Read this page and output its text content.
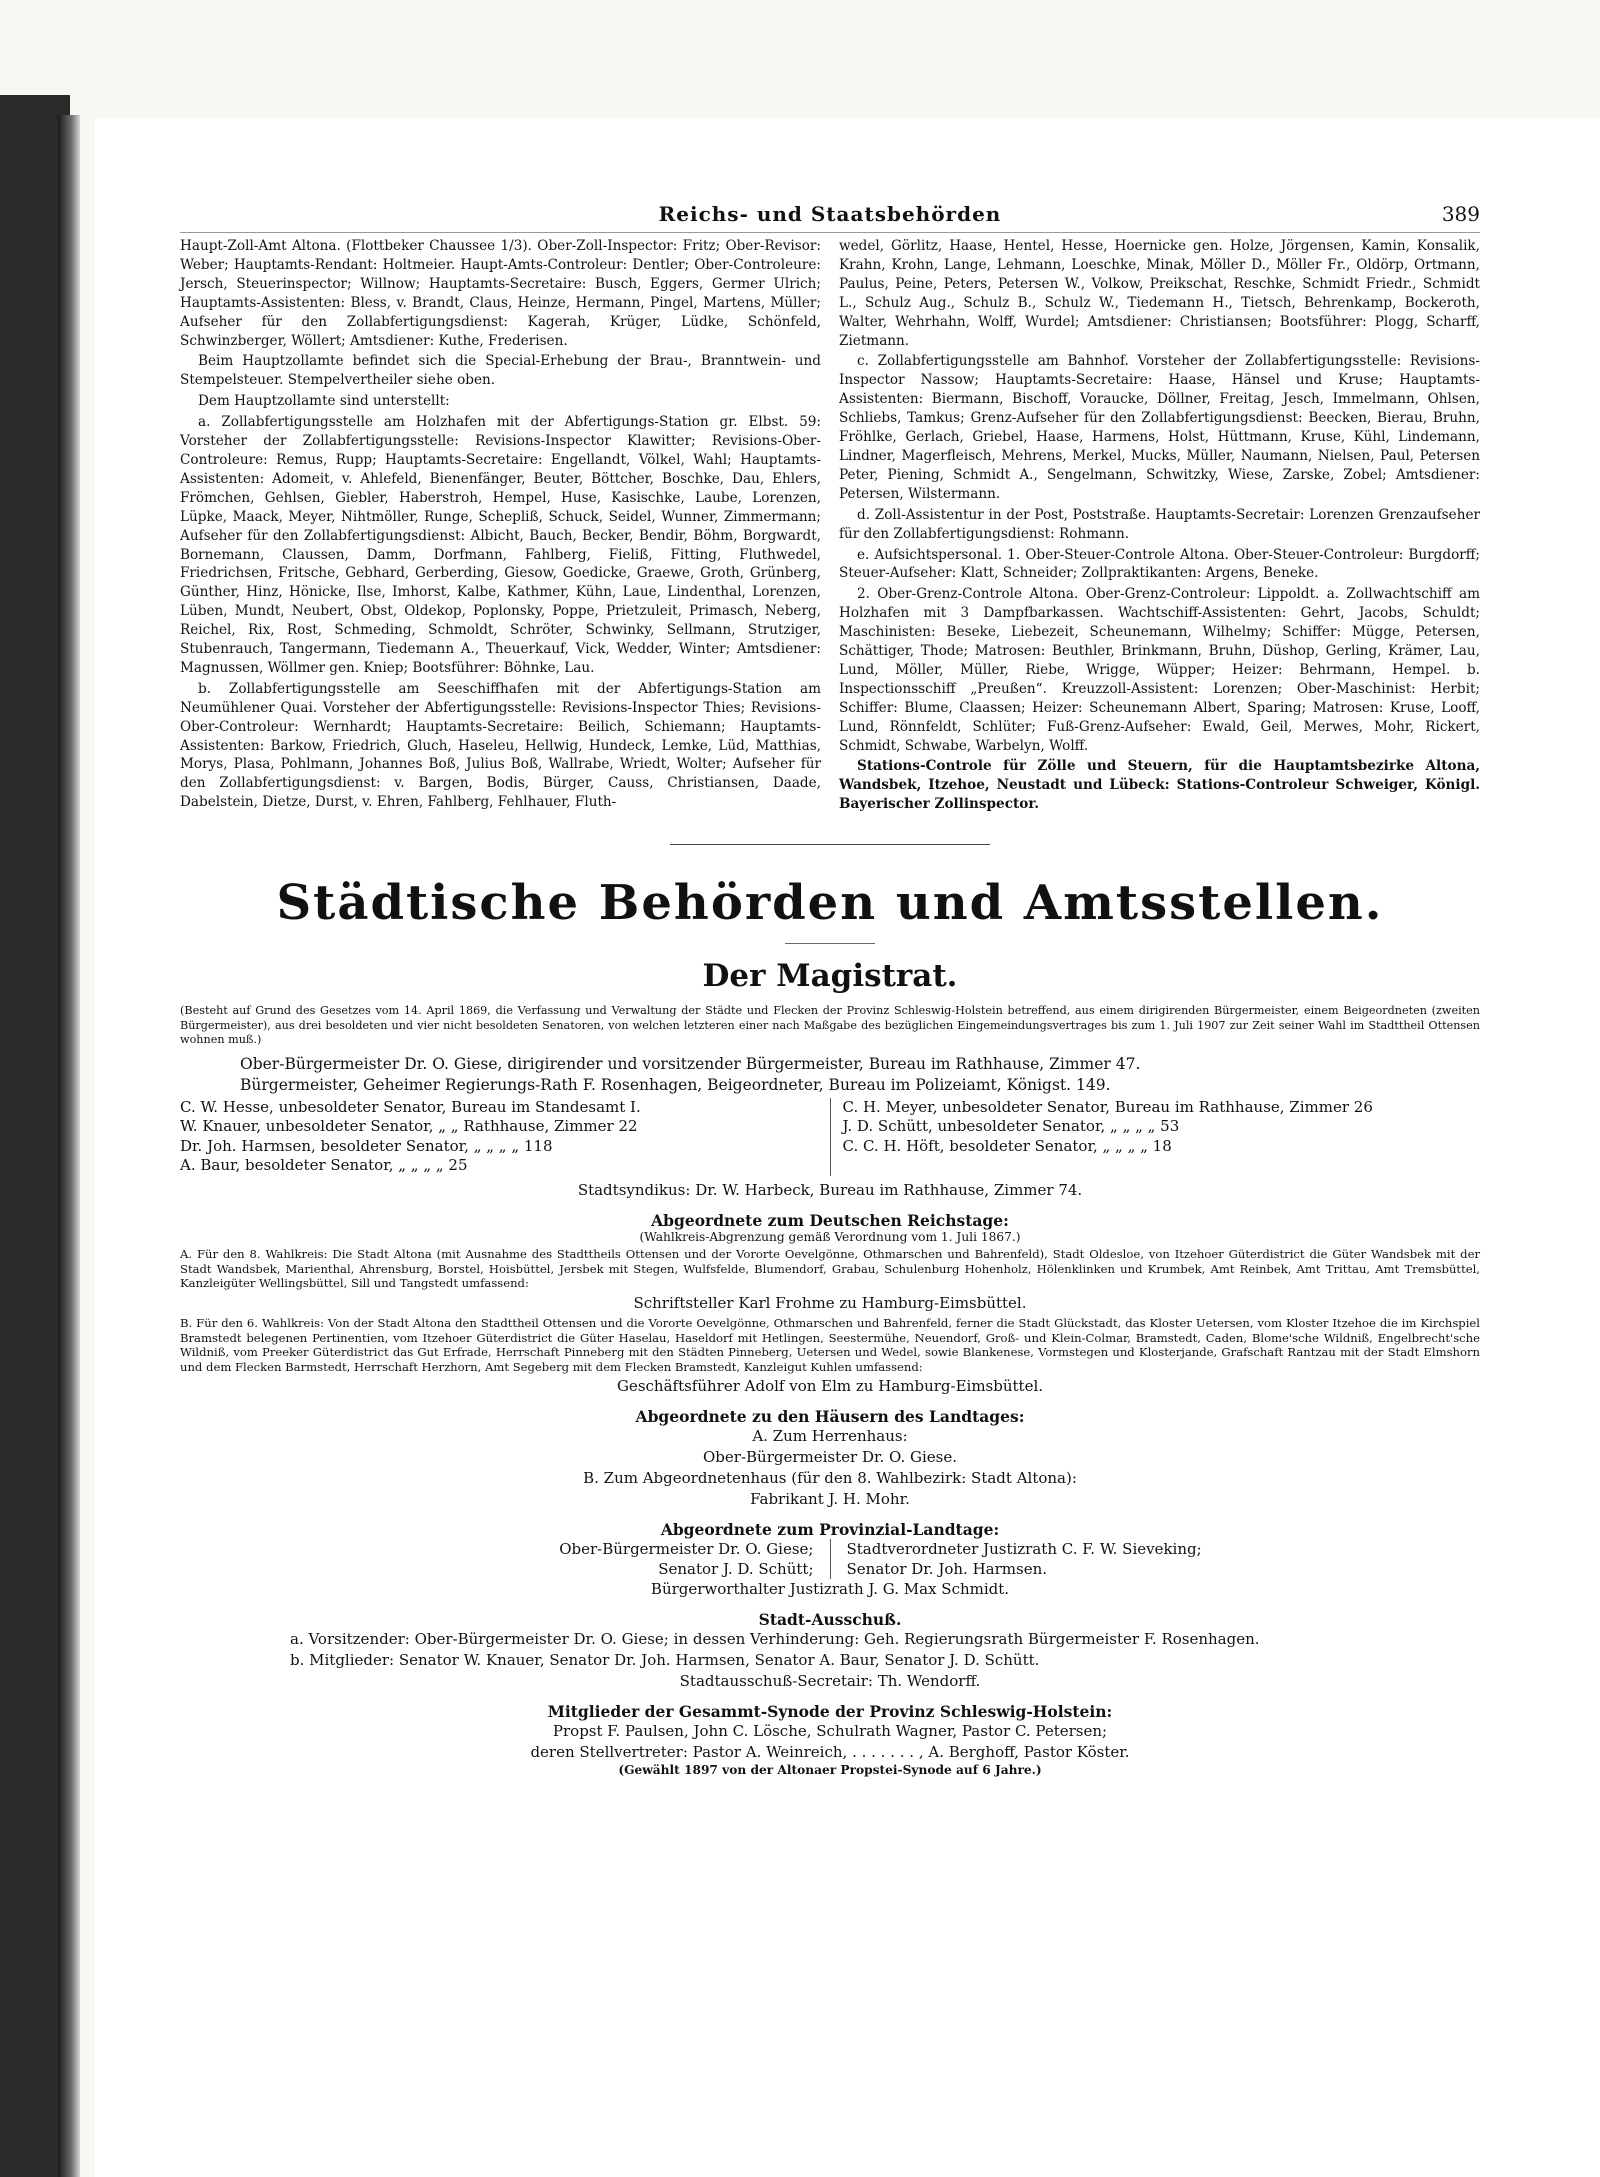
Reichs- und Staatsbehörden	389

Haupt-Zoll-Amt Altona. (Flottbeker Chaussee 1/3). Ober-Zoll-Inspector: Fritz; Ober-Revisor: Weber; Hauptamts-Rendant: Holtmeier. Haupt-Amts-Controleur: Dentler; Ober-Controleure: Jersch, Steuerinspector; Willnow; Hauptamts-Secretaire: Busch, Eggers, Germer Ulrich; Hauptamts-Assistenten: Bless, v. Brandt, Claus, Heinze, Hermann, Pingel, Martens, Müller; Aufseher für den Zollabfertigungsdienst: Kagerah, Krüger, Lüdke, Schönfeld, Schwinzberger, Wöllert; Amtsdiener: Kuthe, Frederisen.

Beim Hauptzollamte befindet sich die Special-Erhebung der Brau-, Branntwein- und Stempelsteuer. Stempelvertheiler siehe oben.

Dem Hauptzollamte sind unterstellt:

a. Zollabfertigungsstelle am Holzhafen mit der Abfertigungs-Station gr. Elbst. 59: Vorsteher der Zollabfertigungsstelle: Revisions-Inspector Klawitter; Revisions-Ober-Controleure: Remus, Rupp; Hauptamts-Secretaire: Engellandt, Völkel, Wahl; Hauptamts-Assistenten: Adomeit, v. Ahlefeld, Bienenfänger, Beuter, Böttcher, Boschke, Dau, Ehlers, Frömchen, Gehlsen, Giebler, Haberstroh, Hempel, Huse, Kasischke, Laube, Lorenzen, Lüpke, Maack, Meyer, Nihtmöller, Runge, Schepliß, Schuck, Seidel, Wunner, Zimmermann; Aufseher für den Zollabfertigungsdienst: Albicht, Bauch, Becker, Bendir, Böhm, Borgwardt, Bornemann, Claussen, Damm, Dorfmann, Fahlberg, Fieliß, Fitting, Fluthwedel, Friedrichsen, Fritsche, Gebhard, Gerberding, Giesow, Goedicke, Graewe, Groth, Grünberg, Günther, Hinz, Hönicke, Ilse, Imhorst, Kalbe, Kathmer, Kühn, Laue, Lindenthal, Lorenzen, Lüben, Mundt, Neubert, Obst, Oldekop, Poplonsky, Poppe, Prietzuleit, Primasch, Neberg, Reichel, Rix, Rost, Schmeding, Schmoldt, Schröter, Schwinky, Sellmann, Strutziger, Stubenrauch, Tangermann, Tiedemann A., Theuerkauf, Vick, Wedder, Winter; Amtsdiener: Magnussen, Wöllmer gen. Kniep; Bootsführer: Böhnke, Lau.

b. Zollabfertigungsstelle am Seeschiffhafen mit der Abfertigungs-Station am Neumühlener Quai. Vorsteher der Abfertigungsstelle: Revisions-Inspector Thies; Revisions-Ober-Controleur: Wernhardt; Hauptamts-Secretaire: Beilich, Schiemann; Hauptamts-Assistenten: Barkow, Friedrich, Gluch, Haseleu, Hellwig, Hundeck, Lemke, Lüd, Matthias, Morys, Plasa, Pohlmann, Johannes Boß, Julius Boß, Wallrabe, Wriedt, Wolter; Aufseher für den Zollabfertigungsdienst: v. Bargen, Bodis, Bürger, Causs, Christiansen, Daade, Dabelstein, Dietze, Durst, v. Ehren, Fahlberg, Fehlhauer, Fluth-

wedel, Görlitz, Haase, Hentel, Hesse, Hoernicke gen. Holze, Jörgensen, Kamin, Konsalik, Krahn, Krohn, Lange, Lehmann, Loeschke, Minak, Möller D., Möller Fr., Oldörp, Ortmann, Paulus, Peine, Peters, Petersen W., Volkow, Preikschat, Reschke, Schmidt Friedr., Schmidt L., Schulz Aug., Schulz B., Schulz W., Tiedemann H., Tietsch, Behrenkamp, Bockeroth, Walter, Wehrhahn, Wolff, Wurdel; Amtsdiener: Christiansen; Bootsführer: Plogg, Scharff, Zietmann.

c. Zollabfertigungsstelle am Bahnhof. Vorsteher der Zollabfertigungsstelle: Revisions-Inspector Nassow; Hauptamts-Secretaire: Haase, Hänsel und Kruse; Hauptamts-Assistenten: Biermann, Bischoff, Voraucke, Döllner, Freitag, Jesch, Immelmann, Ohlsen, Schliebs, Tamkus; Grenz-Aufseher für den Zollabfertigungsdienst: Beecken, Bierau, Bruhn, Fröhlke, Gerlach, Griebel, Haase, Harmens, Holst, Hüttmann, Kruse, Kühl, Lindemann, Lindner, Magerfleisch, Mehrens, Merkel, Mucks, Müller, Naumann, Nielsen, Paul, Petersen Peter, Piening, Schmidt A., Sengelmann, Schwitzky, Wiese, Zarske, Zobel; Amtsdiener: Petersen, Wilstermann.

d. Zoll-Assistentur in der Post, Poststraße. Hauptamts-Secretair: Lorenzen Grenzaufseher für den Zollabfertigungsdienst: Rohmann.

e. Aufsichtspersonal. 1. Ober-Steuer-Controle Altona. Ober-Steuer-Controleur: Burgdorff; Steuer-Aufseher: Klatt, Schneider; Zollpraktikanten: Argens, Beneke.

2. Ober-Grenz-Controle Altona. Ober-Grenz-Controleur: Lippoldt. a. Zollwachtschiff am Holzhafen mit 3 Dampfbarkassen. Wachtschiff-Assistenten: Gehrt, Jacobs, Schuldt; Maschinisten: Beseke, Liebezeit, Scheunemann, Wilhelmy; Schiffer: Mügge, Petersen, Schättiger, Thode; Matrosen: Beuthler, Brinkmann, Bruhn, Düshop, Gerling, Krämer, Lau, Lund, Möller, Müller, Riebe, Wrigge, Wüpper; Heizer: Behrmann, Hempel. b. Inspectionsschiff „Preußen“. Kreuzzoll-Assistent: Lorenzen; Ober-Maschinist: Herbit; Schiffer: Blume, Claassen; Heizer: Scheunemann Albert, Sparing; Matrosen: Kruse, Looff, Lund, Rönnfeldt, Schlüter; Fuß-Grenz-Aufseher: Ewald, Geil, Merwes, Mohr, Rickert, Schmidt, Schwabe, Warbelyn, Wolff.

Stations-Controle für Zölle und Steuern, für die Hauptamtsbezirke Altona, Wandsbek, Itzehoe, Neustadt und Lübeck: Stations-Controleur Schweiger, Königl. Bayerischer Zollinspector.

Städtische Behörden und Amtsstellen.
Der Magistrat.

(Besteht auf Grund des Gesetzes vom 14. April 1869, die Verfassung und Verwaltung der Städte und Flecken der Provinz Schleswig-Holstein betreffend, aus einem dirigirenden Bürgermeister, einem Beigeordneten (zweiten Bürgermeister), aus drei besoldeten und vier nicht besoldeten Senatoren, von welchen letzteren einer nach Maßgabe des bezüglichen Eingemeindungsvertrages bis zum 1. Juli 1907 zur Zeit seiner Wahl im Stadttheil Ottensen wohnen muß.)

Ober-Bürgermeister Dr. O. Giese, dirigirender und vorsitzender Bürgermeister, Bureau im Rathhause, Zimmer 47.
Bürgermeister, Geheimer Regierungs-Rath F. Rosenhagen, Beigeordneter, Bureau im Polizeiamt, Königst. 149.
C. W. Hesse, unbesoldeter Senator, Bureau im Standesamt I.
W. Knauer, unbesoldeter Senator, „ „ Rathhause, Zimmer 22
Dr. Joh. Harmsen, besoldeter Senator, „ „ „ „ 118
A. Baur, besoldeter Senator, „ „ „ „ 25
C. H. Meyer, unbesoldeter Senator, Bureau im Rathhause, Zimmer 26
J. D. Schütt, unbesoldeter Senator, „ „ „ „ 53
C. C. H. Höft, besoldeter Senator, „ „ „ „ 18
Stadtsyndikus: Dr. W. Harbeck, Bureau im Rathhause, Zimmer 74.
Abgeordnete zum Deutschen Reichstage:
(Wahlkreis-Abgrenzung gemäß Verordnung vom 1. Juli 1867.)

A. Für den 8. Wahlkreis: Die Stadt Altona (mit Ausnahme des Stadttheils Ottensen und der Vororte Oevelgönne, Othmarschen und Bahrenfeld), Stadt Oldesloe, von Itzehoer Güterdistrict die Güter Wandsbek mit der Stadt Wandsbek, Marienthal, Ahrensburg, Borstel, Hoisbüttel, Jersbek mit Stegen, Wulfsfelde, Blumendorf, Grabau, Schulenburg Hohenholz, Hölenklinken und Krumbek, Amt Reinbek, Amt Trittau, Amt Tremsbüttel, Kanzleigüter Wellingsbüttel, Sill und Tangstedt umfassend:

Schriftsteller Karl Frohme zu Hamburg-Eimsbüttel.

B. Für den 6. Wahlkreis: Von der Stadt Altona den Stadttheil Ottensen und die Vororte Oevelgönne, Othmarschen und Bahrenfeld, ferner die Stadt Glückstadt, das Kloster Uetersen, vom Kloster Itzehoe die im Kirchspiel Bramstedt belegenen Pertinentien, vom Itzehoer Güterdistrict die Güter Haselau, Haseldorf mit Hetlingen, Seestermühe, Neuendorf, Groß- und Klein-Colmar, Bramstedt, Caden, Blome'sche Wildniß, Engelbrecht'sche Wildniß, vom Preeker Güterdistrict das Gut Erfrade, Herrschaft Pinneberg mit den Städten Pinneberg, Uetersen und Wedel, sowie Blankenese, Vormstegen und Klosterjande, Grafschaft Rantzau mit der Stadt Elmshorn und dem Flecken Barmstedt, Herrschaft Herzhorn, Amt Segeberg mit dem Flecken Bramstedt, Kanzleigut Kuhlen umfassend:

Geschäftsführer Adolf von Elm zu Hamburg-Eimsbüttel.
Abgeordnete zu den Häusern des Landtages:
A. Zum Herrenhaus:
Ober-Bürgermeister Dr. O. Giese.
B. Zum Abgeordnetenhaus (für den 8. Wahlbezirk: Stadt Altona):
Fabrikant J. H. Mohr.
Abgeordnete zum Provinzial-Landtage:
Ober-Bürgermeister Dr. O. Giese;
Senator J. D. Schütt;
Stadtverordneter Justizrath C. F. W. Sieveking;
Senator Dr. Joh. Harmsen.
Bürgerworthalter Justizrath J. G. Max Schmidt.
Stadt-Ausschuß.
a. Vorsitzender: Ober-Bürgermeister Dr. O. Giese; in dessen Verhinderung: Geh. Regierungsrath Bürgermeister F. Rosenhagen.
b. Mitglieder: Senator W. Knauer, Senator Dr. Joh. Harmsen, Senator A. Baur, Senator J. D. Schütt.
Stadtausschuß-Secretair: Th. Wendorff.
Mitglieder der Gesammt-Synode der Provinz Schleswig-Holstein:
Propst F. Paulsen, John C. Lösche, Schulrath Wagner, Pastor C. Petersen;
deren Stellvertreter: Pastor A. Weinreich, . . . . . . . , A. Berghoff, Pastor Köster.
(Gewählt 1897 von der Altonaer Propstei-Synode auf 6 Jahre.)
